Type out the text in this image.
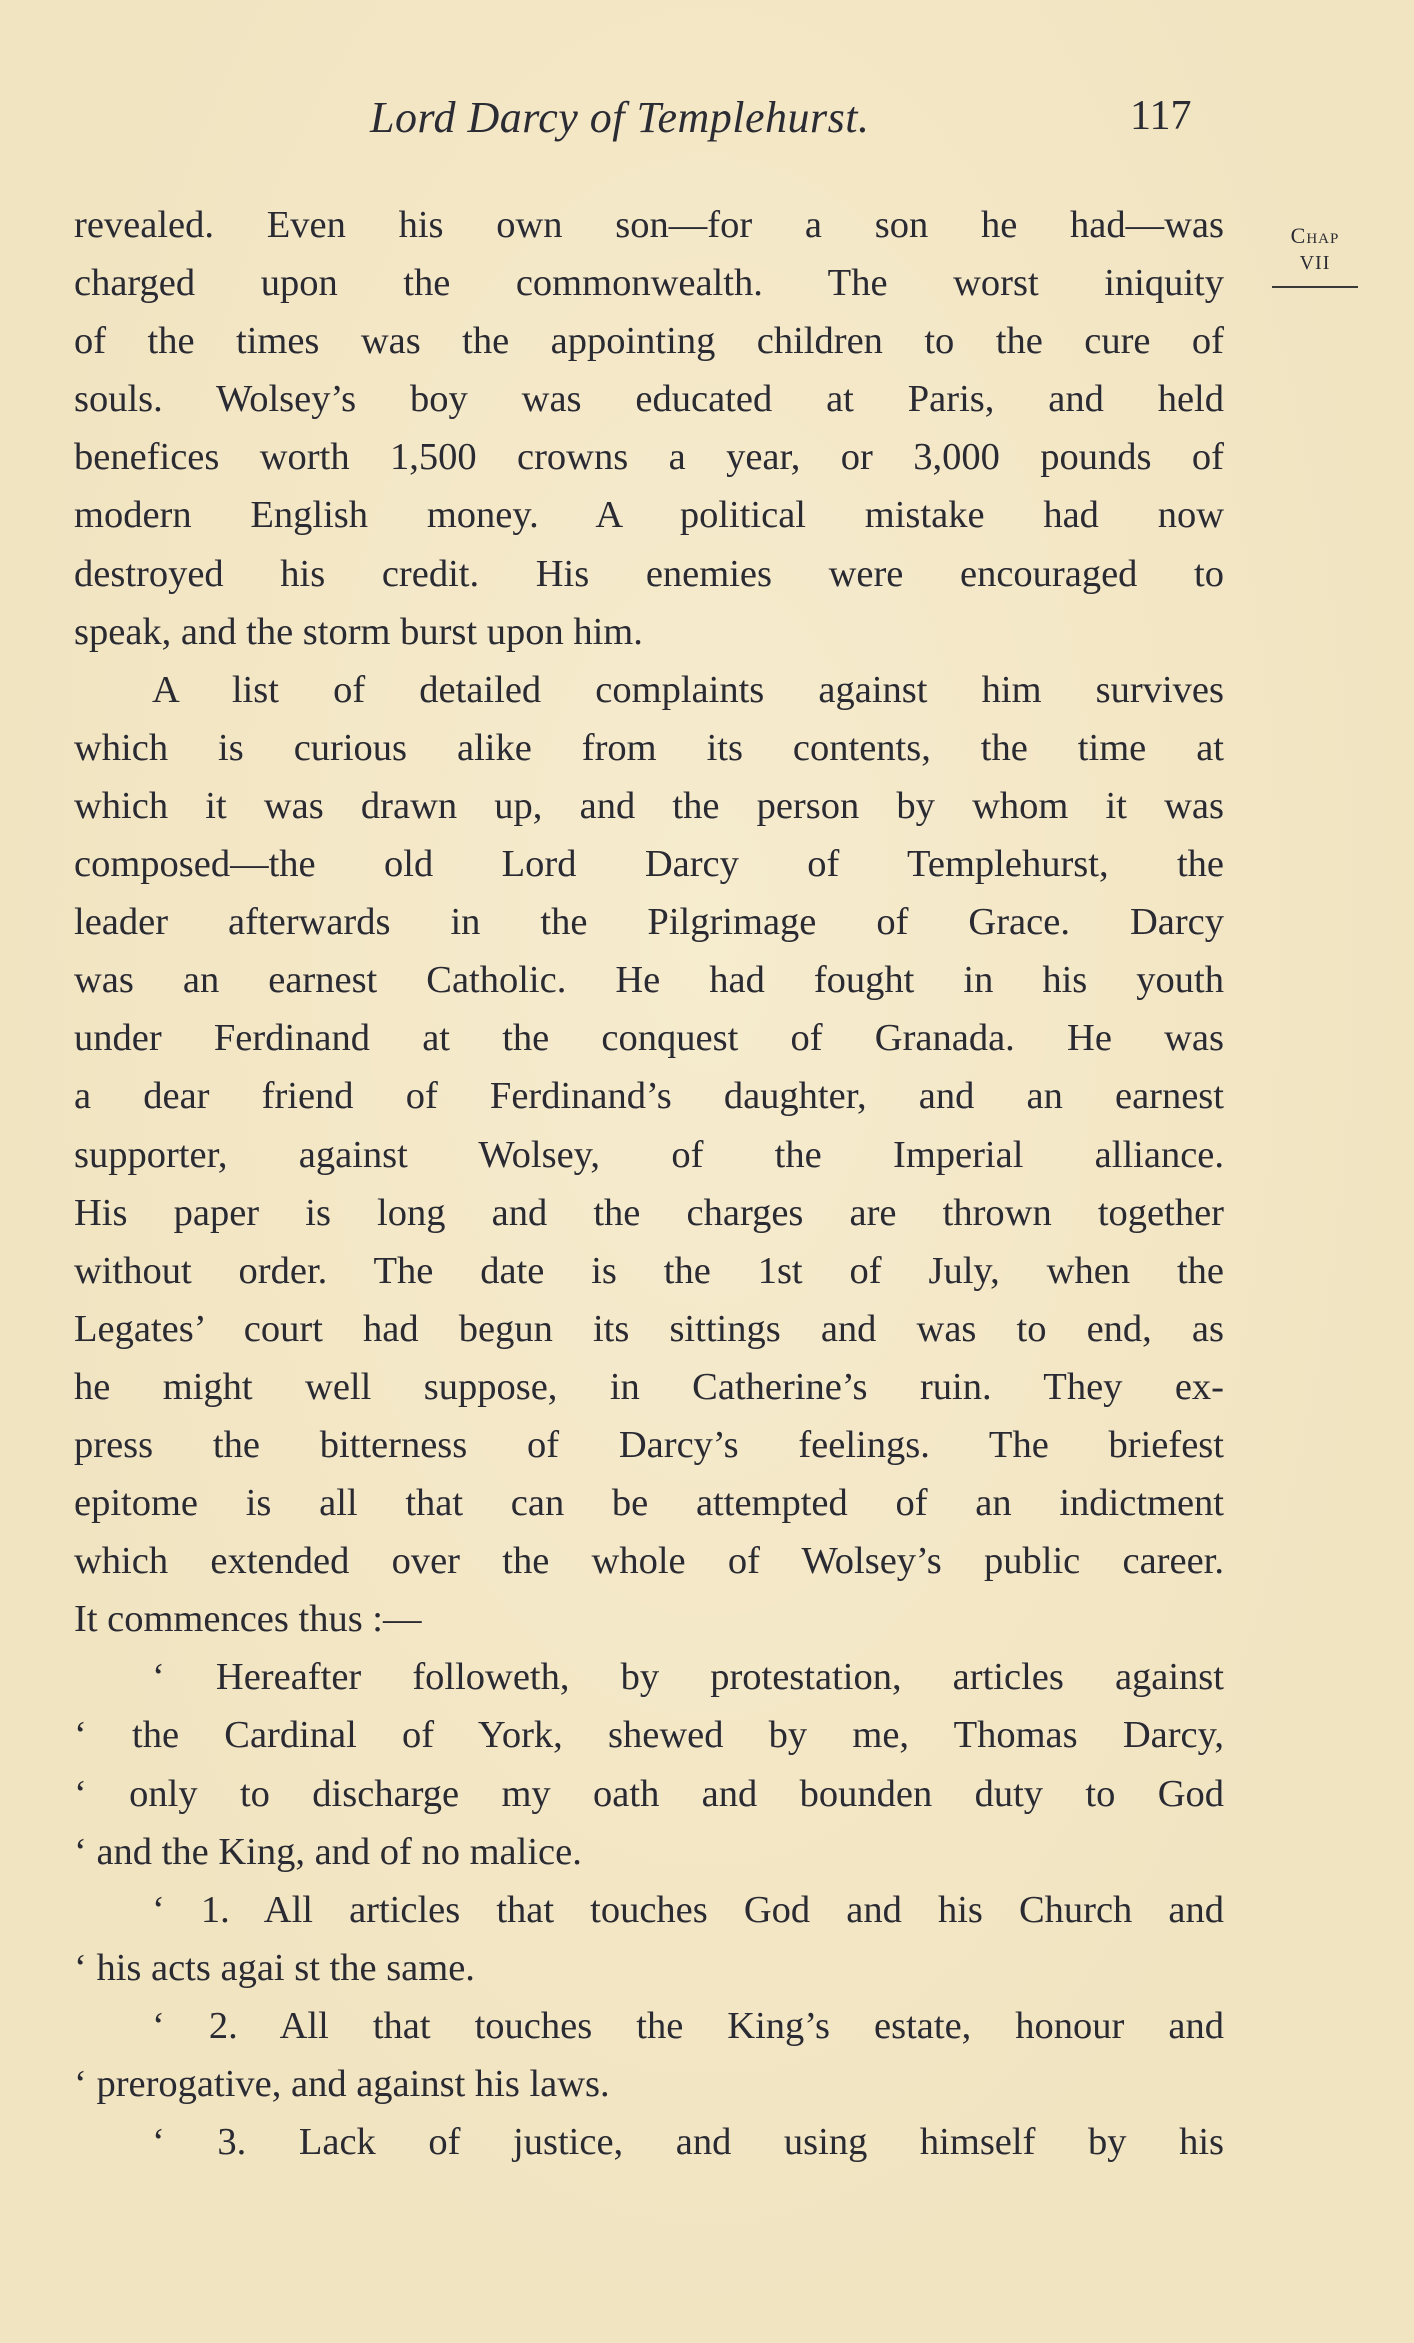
Lord Darcy of Templehurst.	117
Chap
VII
revealed. Even his own son—for a son he had—was
charged upon the commonwealth. The worst iniquity
of the times was the appointing children to the cure of
souls. Wolsey’s boy was educated at Paris, and held
benefices worth 1,500 crowns a year, or 3,000 pounds of
modern English money. A political mistake had now
destroyed his credit. His enemies were encouraged to
speak, and the storm burst upon him.
A list of detailed complaints against him survives
which is curious alike from its contents, the time at
which it was drawn up, and the person by whom it was
composed—the old Lord Darcy of Templehurst, the
leader afterwards in the Pilgrimage of Grace. Darcy
was an earnest Catholic. He had fought in his youth
under Ferdinand at the conquest of Granada. He was
a dear friend of Ferdinand’s daughter, and an earnest
supporter, against Wolsey, of the Imperial alliance.
His paper is long and the charges are thrown together
without order. The date is the 1st of July, when the
Legates’ court had begun its sittings and was to end, as
he might well suppose, in Catherine’s ruin. They ex-
press the bitterness of Darcy’s feelings. The briefest
epitome is all that can be attempted of an indictment
which extended over the whole of Wolsey’s public career.
It commences thus :—
‘ Hereafter followeth, by protestation, articles against
‘ the Cardinal of York, shewed by me, Thomas Darcy,
‘ only to discharge my oath and bounden duty to God
‘ and the King, and of no malice.
‘ 1. All articles that touches God and his Church and
‘ his acts agai st the same.
‘ 2. All that touches the King’s estate, honour and
‘ prerogative, and against his laws.
‘ 3. Lack of justice, and using himself by his
